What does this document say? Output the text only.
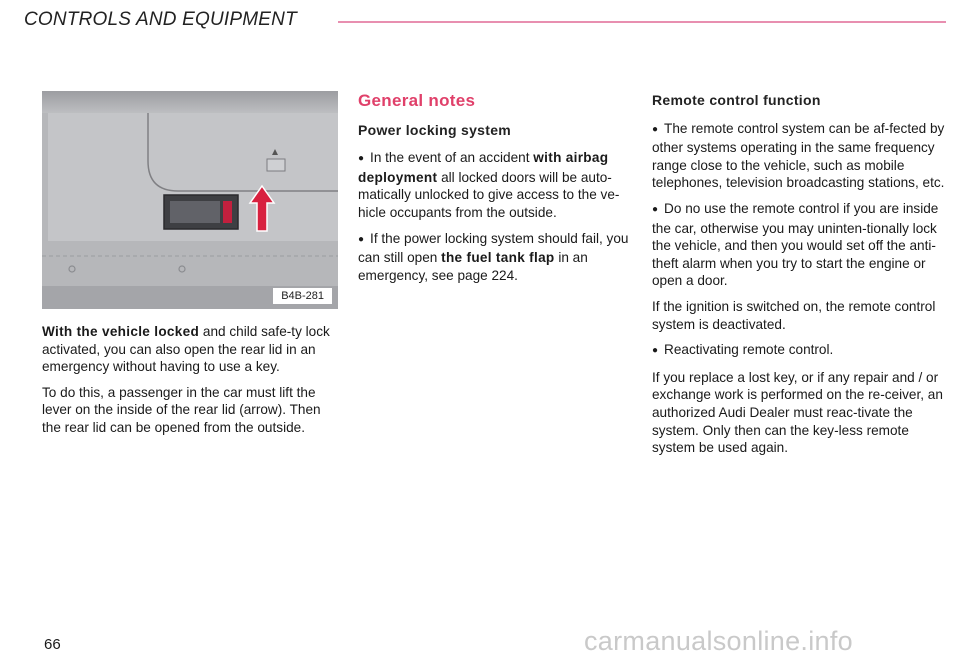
CONTROLS AND EQUIPMENT
B4B-281

With the vehicle locked and child safe-ty lock activated, you can also open the rear lid in an emergency without having to use a key.

To do this, a passenger in the car must lift the lever on the inside of the rear lid (arrow). Then the rear lid can be opened from the outside.

General notes
Power locking system

● In the event of an accident with airbag deployment all locked doors will be auto-matically unlocked to give access to the ve-hicle occupants from the outside.

● If the power locking system should fail, you can still open the fuel tank flap in an emergency, see page 224.

Remote control function

● The remote control system can be af-fected by other systems operating in the same frequency range close to the vehicle, such as mobile telephones, television broadcasting stations, etc.

● Do no use the remote control if you are inside the car, otherwise you may uninten-tionally lock the vehicle, and then you would set off the anti-theft alarm when you try to start the engine or open a door.

If the ignition is switched on, the remote control system is deactivated.

● Reactivating remote control.

If you replace a lost key, or if any repair and / or exchange work is performed on the re-ceiver, an authorized Audi Dealer must reac-tivate the system. Only then can the key-less remote system be used again.

66	carmanualsonline.info
